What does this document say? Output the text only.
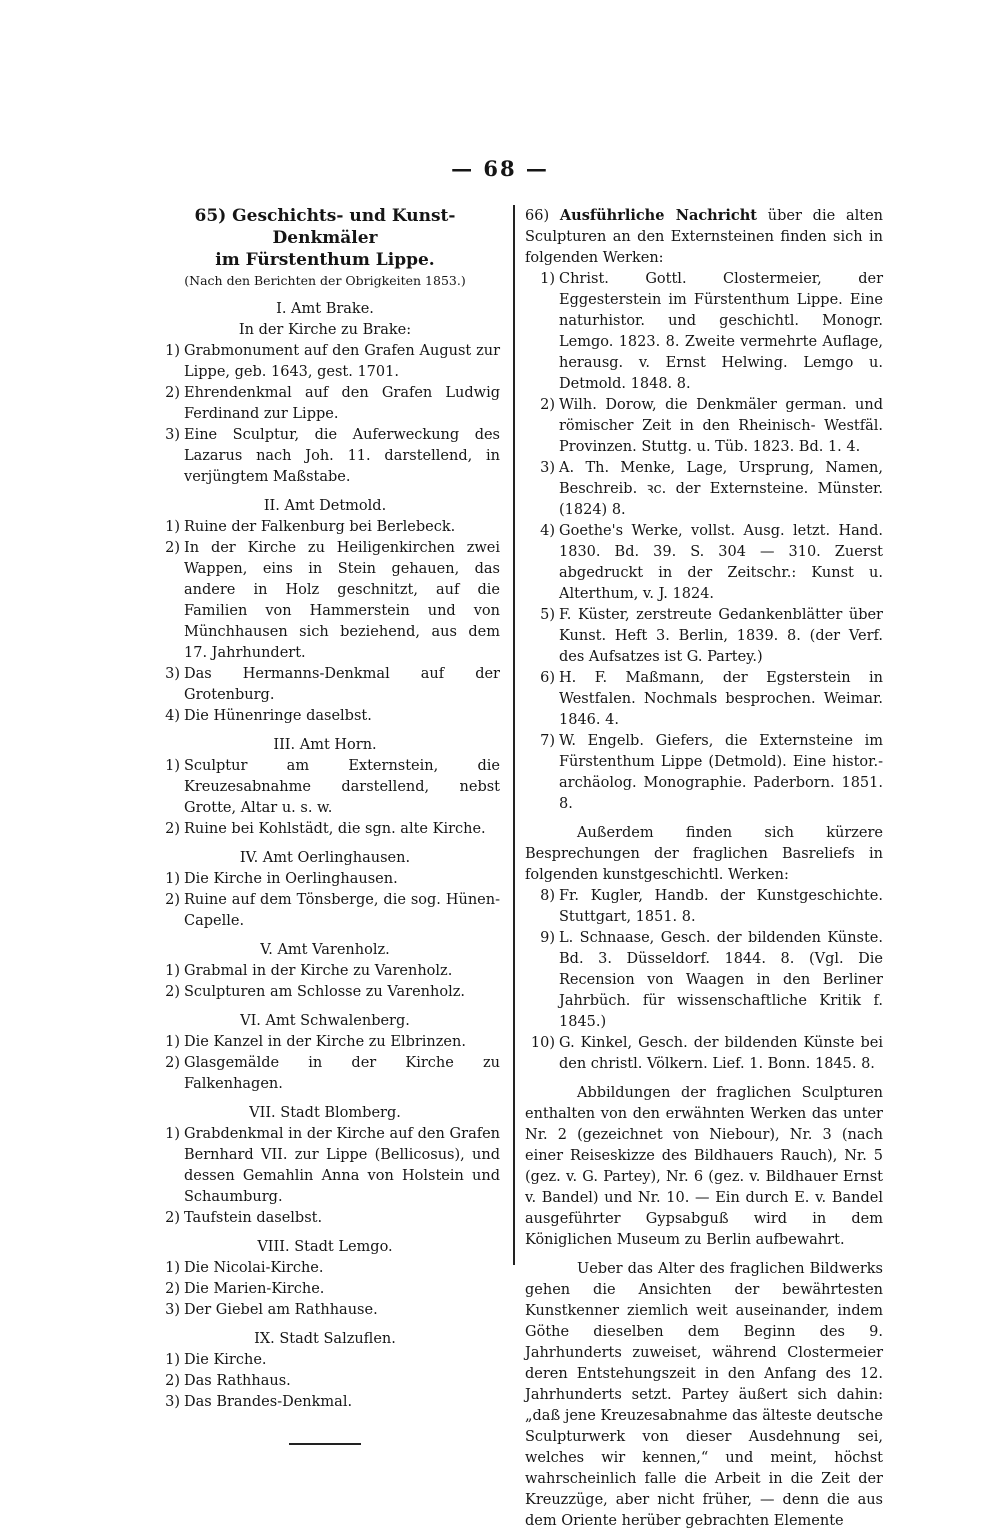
— 68 —
65) Geschichts- und Kunst-Denkmäler
im Fürstenthum Lippe.
(Nach den Berichten der Obrigkeiten 1853.)
I. Amt Brake.
In der Kirche zu Brake:
1) Grabmonument auf den Grafen August zur Lippe, geb. 1643, gest. 1701.
2) Ehrendenkmal auf den Grafen Ludwig Ferdinand zur Lippe.
3) Eine Sculptur, die Auferweckung des Lazarus nach Joh. 11. darstellend, in verjüngtem Maßstabe.
II. Amt Detmold.
1) Ruine der Falkenburg bei Berlebeck.
2) In der Kirche zu Heiligenkirchen zwei Wappen, eins in Stein gehauen, das andere in Holz geschnitzt, auf die Familien von Hammerstein und von Münchhausen sich beziehend, aus dem 17. Jahrhundert.
3) Das Hermanns-Denkmal auf der Grotenburg.
4) Die Hünenringe daselbst.
III. Amt Horn.
1) Sculptur am Externstein, die Kreuzesabnahme darstellend, nebst Grotte, Altar u. s. w.
2) Ruine bei Kohlstädt, die sgn. alte Kirche.
IV. Amt Oerlinghausen.
1) Die Kirche in Oerlinghausen.
2) Ruine auf dem Tönsberge, die sog. Hünen-Capelle.
V. Amt Varenholz.
1) Grabmal in der Kirche zu Varenholz.
2) Sculpturen am Schlosse zu Varenholz.
VI. Amt Schwalenberg.
1) Die Kanzel in der Kirche zu Elbrinzen.
2) Glasgemälde in der Kirche zu Falkenhagen.
VII. Stadt Blomberg.
1) Grabdenkmal in der Kirche auf den Grafen Bernhard VII. zur Lippe (Bellicosus), und dessen Gemahlin Anna von Holstein und Schaumburg.
2) Taufstein daselbst.
VIII. Stadt Lemgo.
1) Die Nicolai-Kirche.
2) Die Marien-Kirche.
3) Der Giebel am Rathhause.
IX. Stadt Salzuflen.
1) Die Kirche.
2) Das Rathhaus.
3) Das Brandes-Denkmal.
66) Ausführliche Nachricht über die alten Sculpturen an den Externsteinen finden sich in folgenden Werken:
1) Christ. Gottl. Clostermeier, der Eggesterstein im Fürstenthum Lippe. Eine naturhistor. und geschichtl. Monogr. Lemgo. 1823. 8. Zweite vermehrte Auflage, herausg. v. Ernst Helwing. Lemgo u. Detmold. 1848. 8.
2) Wilh. Dorow, die Denkmäler german. und römischer Zeit in den Rheinisch- Westfäl. Provinzen. Stuttg. u. Tüb. 1823. Bd. 1. 4.
3) A. Th. Menke, Lage, Ursprung, Namen, Beschreib. ꝛc. der Externsteine. Münster. (1824) 8.
4) Goethe's Werke, vollst. Ausg. letzt. Hand. 1830. Bd. 39. S. 304 — 310. Zuerst abgedruckt in der Zeitschr.: Kunst u. Alterthum, v. J. 1824.
5) F. Küster, zerstreute Gedankenblätter über Kunst. Heft 3. Berlin, 1839. 8. (der Verf. des Aufsatzes ist G. Partey.)
6) H. F. Maßmann, der Egsterstein in Westfalen. Nochmals besprochen. Weimar. 1846. 4.
7) W. Engelb. Giefers, die Externsteine im Fürstenthum Lippe (Detmold). Eine histor.-archäolog. Monographie. Paderborn. 1851. 8.
Außerdem finden sich kürzere Besprechungen der fraglichen Basreliefs in folgenden kunstgeschichtl. Werken:
8) Fr. Kugler, Handb. der Kunstgeschichte. Stuttgart, 1851. 8.
9) L. Schnaase, Gesch. der bildenden Künste. Bd. 3. Düsseldorf. 1844. 8. (Vgl. Die Recension von Waagen in den Berliner Jahrbüch. für wissenschaftliche Kritik f. 1845.)
10) G. Kinkel, Gesch. der bildenden Künste bei den christl. Völkern. Lief. 1. Bonn. 1845. 8.
Abbildungen der fraglichen Sculpturen enthalten von den erwähnten Werken das unter Nr. 2 (gezeichnet von Niebour), Nr. 3 (nach einer Reiseskizze des Bildhauers Rauch), Nr. 5 (gez. v. G. Partey), Nr. 6 (gez. v. Bildhauer Ernst v. Bandel) und Nr. 10. — Ein durch E. v. Bandel ausgeführter Gypsabguß wird in dem Königlichen Museum zu Berlin aufbewahrt.
Ueber das Alter des fraglichen Bildwerks gehen die Ansichten der bewährtesten Kunstkenner ziemlich weit auseinander, indem Göthe dieselben dem Beginn des 9. Jahrhunderts zuweiset, während Clostermeier deren Entstehungszeit in den Anfang des 12. Jahrhunderts setzt. Partey äußert sich dahin: „daß jene Kreuzesabnahme das älteste deutsche Sculpturwerk von dieser Ausdehnung sei, welches wir kennen,“ und meint, höchst wahrscheinlich falle die Arbeit in die Zeit der Kreuzzüge, aber nicht früher, — denn die aus dem Oriente herüber gebrachten Elemente
